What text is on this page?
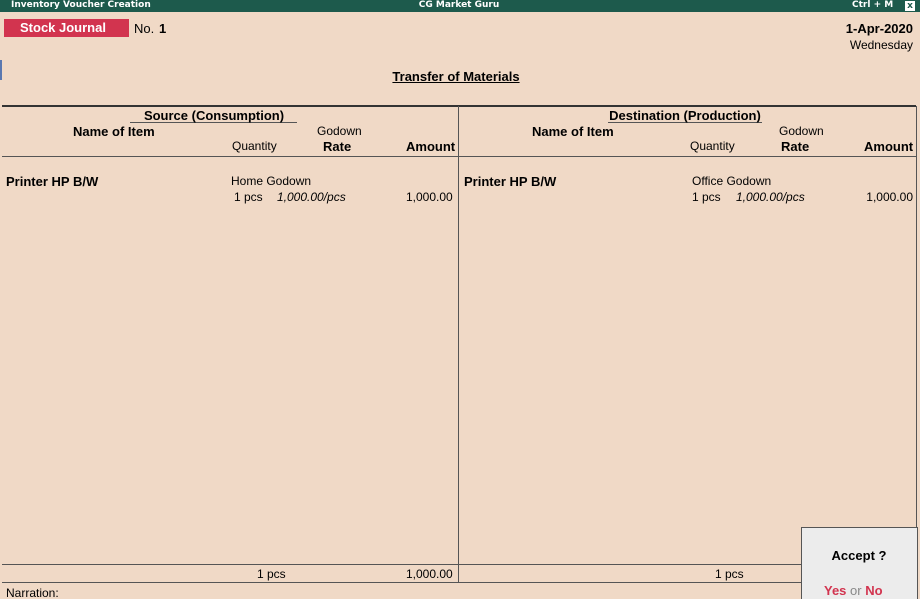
Inventory Voucher Creation	CG Market Guru	Ctrl + M x
Stock Journal	No. 1	1-Apr-2020
Wednesday
Transfer of Materials
Source (Consumption)
Name of Item	Godown
Quantity	Rate	Amount
Destination (Production)
Name of Item	Godown
Quantity	Rate	Amount
Printer HP B/W	Home Godown
1 pcs 1,000.00/pcs	1,000.00
Printer HP B/W	Office Godown
1 pcs 1,000.00/pcs	1,000.00
1 pcs	1,000.00	1 pcs
Narration:
Accept ?
Yes or No
